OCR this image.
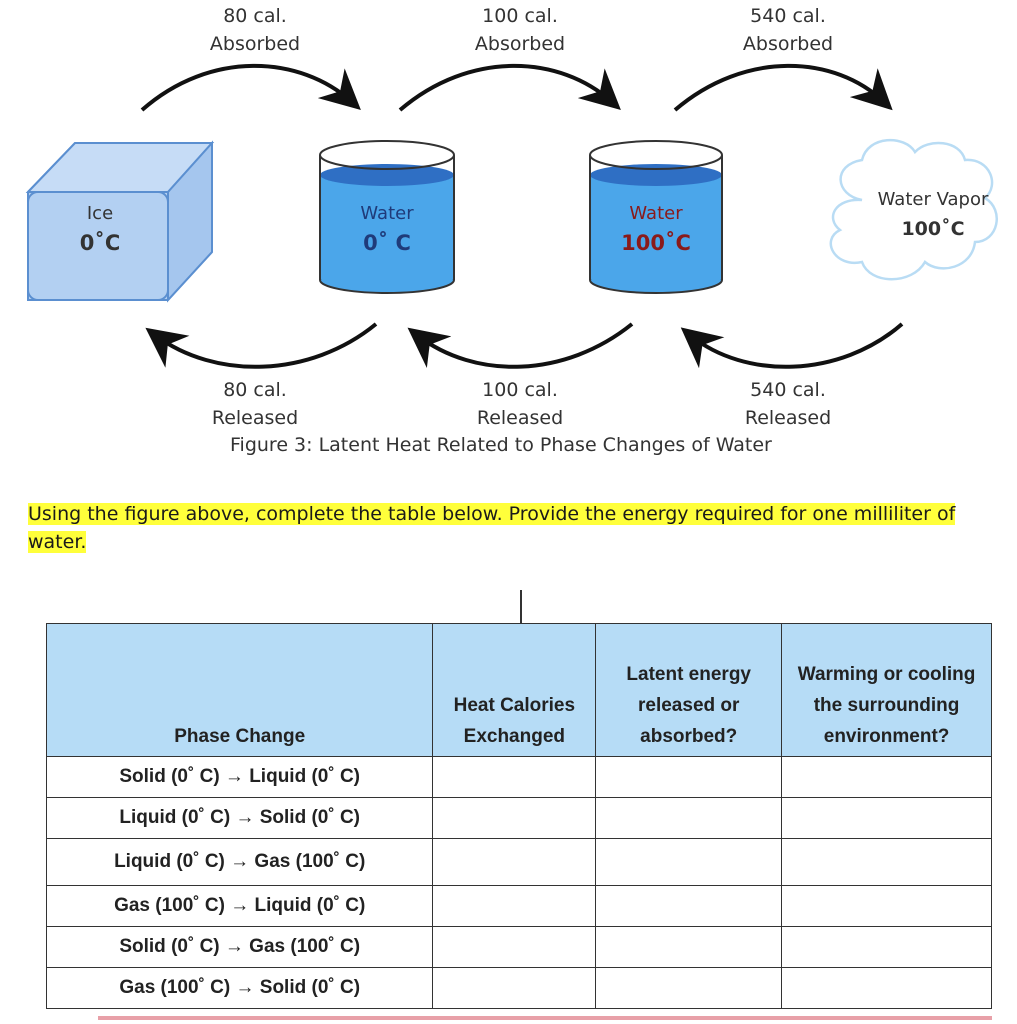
80 cal.
Absorbed
100 cal.
Absorbed
540 cal.
Absorbed
Ice
0˚C
Water
0˚ C
Water
100˚C
Water Vapor
100˚C
80 cal.
Released
100 cal.
Released
540 cal.
Released
Figure 3: Latent Heat Related to Phase Changes of Water
Using the figure above, complete the table below. Provide the energy required for one milliliter of water.
Phase Change	Heat Calories Exchanged	Latent energy released or absorbed?	Warming or cooling the surrounding environment?
Solid (0˚ C) → Liquid (0˚ C)			
Liquid (0˚ C) → Solid (0˚ C)			
Liquid (0˚ C) → Gas (100˚ C)			
Gas (100˚ C) → Liquid (0˚ C)			
Solid (0˚ C) → Gas (100˚ C)			
Gas (100˚ C) → Solid (0˚ C)			
